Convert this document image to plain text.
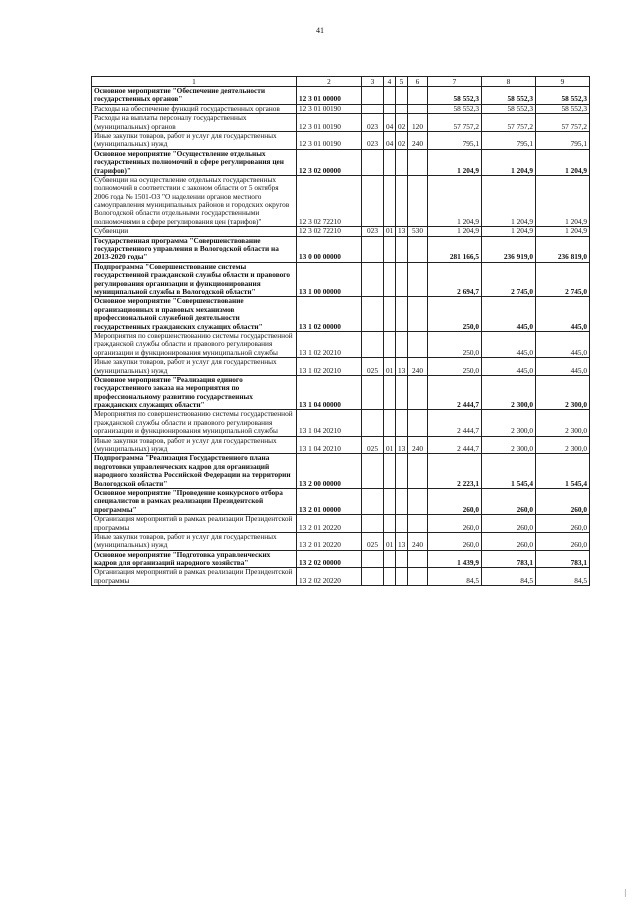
41
1	2	3	4	5	6	7	8	9
Основное мероприятие "Обеспечение деятельности государственных органов"	12 3 01 00000					58 552,3	58 552,3	58 552,3
Расходы на обеспечение функций государственных органов	12 3 01 00190					58 552,3	58 552,3	58 552,3
Расходы на выплаты персоналу государственных (муниципальных) органов	12 3 01 00190	023	04	02	120	57 757,2	57 757,2	57 757,2
Иные закупки товаров, работ и услуг для государственных (муниципальных) нужд	12 3 01 00190	023	04	02	240	795,1	795,1	795,1
Основное мероприятие "Осуществление отдельных государственных полномочий в сфере регулирования цен (тарифов)"	12 3 02 00000					1 204,9	1 204,9	1 204,9
Субвенции на осуществление отдельных государственных полномочий в соответствии с законом области от 5 октября 2006 года № 1501-ОЗ "О наделении органов местного самоуправления муниципальных районов и городских округов Вологодской области отдельными государственными полномочиями в сфере регулирования цен (тарифов)"	12 3 02 72210					1 204,9	1 204,9	1 204,9
Субвенции	12 3 02 72210	023	01	13	530	1 204,9	1 204,9	1 204,9
Государственная программа "Совершенствование государственного управления в Вологодской области на 2013-2020 годы"	13 0 00 00000					281 166,5	236 919,0	236 819,0
Подпрограмма "Совершенствование системы государственной гражданской службы области и правового регулирования организации и функционирования муниципальной службы в Вологодской области"	13 1 00 00000					2 694,7	2 745,0	2 745,0
Основное мероприятие "Совершенствование организационных и правовых механизмов профессиональной служебной деятельности государственных гражданских служащих области"	13 1 02 00000					250,0	445,0	445,0
Мероприятия по совершенствованию системы государственной гражданской службы области и правового регулирования организации и функционирования муниципальной службы	13 1 02 20210					250,0	445,0	445,0
Иные закупки товаров, работ и услуг для государственных (муниципальных) нужд	13 1 02 20210	025	01	13	240	250,0	445,0	445,0
Основное мероприятие "Реализация единого государственного заказа на мероприятия по профессиональному развитию государственных гражданских служащих области"	13 1 04 00000					2 444,7	2 300,0	2 300,0
Мероприятия по совершенствованию системы государственной гражданской службы области и правового регулирования организации и функционирования муниципальной службы	13 1 04 20210					2 444,7	2 300,0	2 300,0
Иные закупки товаров, работ и услуг для государственных (муниципальных) нужд	13 1 04 20210	025	01	13	240	2 444,7	2 300,0	2 300,0
Подпрограмма "Реализация Государственного плана подготовки управленческих кадров для организаций народного хозяйства Российской Федерации на территории Вологодской области"	13 2 00 00000					2 223,1	1 545,4	1 545,4
Основное мероприятие "Проведение конкурсного отбора специалистов в рамках реализации Президентской программы"	13 2 01 00000					260,0	260,0	260,0
Организация мероприятий в рамках реализации Президентской программы	13 2 01 20220					260,0	260,0	260,0
Иные закупки товаров, работ и услуг для государственных (муниципальных) нужд	13 2 01 20220	025	01	13	240	260,0	260,0	260,0
Основное мероприятие "Подготовка управленческих кадров для организаций народного хозяйства"	13 2 02 00000					1 439,9	783,1	783,1
Организация мероприятий в рамках реализации Президентской программы	13 2 02 20220					84,5	84,5	84,5
|
